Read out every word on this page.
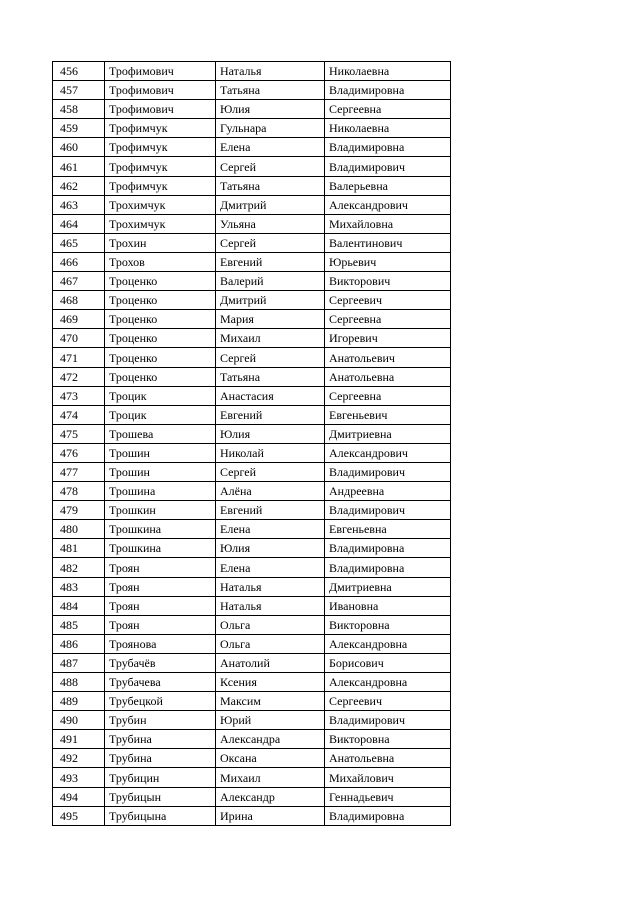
456	Трофимович	Наталья	Николаевна
457	Трофимович	Татьяна	Владимировна
458	Трофимович	Юлия	Сергеевна
459	Трофимчук	Гульнара	Николаевна
460	Трофимчук	Елена	Владимировна
461	Трофимчук	Сергей	Владимирович
462	Трофимчук	Татьяна	Валерьевна
463	Трохимчук	Дмитрий	Александрович
464	Трохимчук	Ульяна	Михайловна
465	Трохин	Сергей	Валентинович
466	Трохов	Евгений	Юрьевич
467	Троценко	Валерий	Викторович
468	Троценко	Дмитрий	Сергеевич
469	Троценко	Мария	Сергеевна
470	Троценко	Михаил	Игоревич
471	Троценко	Сергей	Анатольевич
472	Троценко	Татьяна	Анатольевна
473	Троцик	Анастасия	Сергеевна
474	Троцик	Евгений	Евгеньевич
475	Трошева	Юлия	Дмитриевна
476	Трошин	Николай	Александрович
477	Трошин	Сергей	Владимирович
478	Трошина	Алёна	Андреевна
479	Трошкин	Евгений	Владимирович
480	Трошкина	Елена	Евгеньевна
481	Трошкина	Юлия	Владимировна
482	Троян	Елена	Владимировна
483	Троян	Наталья	Дмитриевна
484	Троян	Наталья	Ивановна
485	Троян	Ольга	Викторовна
486	Троянова	Ольга	Александровна
487	Трубачёв	Анатолий	Борисович
488	Трубачева	Ксения	Александровна
489	Трубецкой	Максим	Сергеевич
490	Трубин	Юрий	Владимирович
491	Трубина	Александра	Викторовна
492	Трубина	Оксана	Анатольевна
493	Трубицин	Михаил	Михайлович
494	Трубицын	Александр	Геннадьевич
495	Трубицына	Ирина	Владимировна
